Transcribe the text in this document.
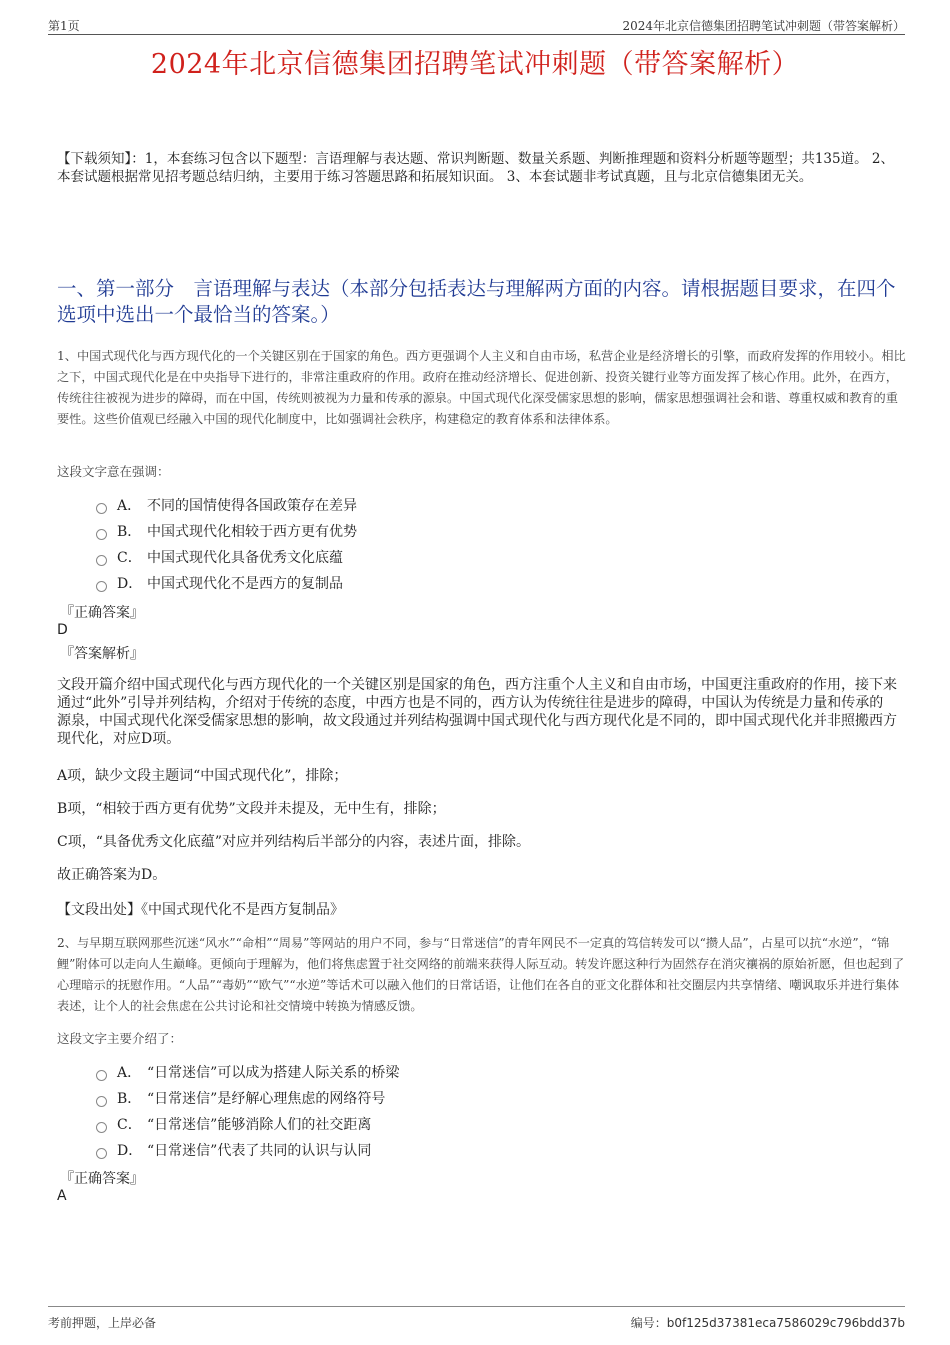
第1页	2024年北京信德集团招聘笔试冲刺题（带答案解析）
2024年北京信德集团招聘笔试冲刺题（带答案解析）
【下载须知】：1，本套练习包含以下题型：言语理解与表达题、常识判断题、数量关系题、判断推理题和资料分析题等题型；共135道。 2、本套试题根据常见招考题总结归纳，主要用于练习答题思路和拓展知识面。 3、本套试题非考试真题，且与北京信德集团无关。
一、第一部分　言语理解与表达（本部分包括表达与理解两方面的内容。请根据题目要求，在四个选项中选出一个最恰当的答案。）
1、中国式现代化与西方现代化的一个关键区别在于国家的角色。西方更强调个人主义和自由市场，私营企业是经济增长的引擎，而政府发挥的作用较小。相比之下，中国式现代化是在中央指导下进行的，非常注重政府的作用。政府在推动经济增长、促进创新、投资关键行业等方面发挥了核心作用。此外，在西方，传统往往被视为进步的障碍，而在中国，传统则被视为力量和传承的源泉。中国式现代化深受儒家思想的影响，儒家思想强调社会和谐、尊重权威和教育的重要性。这些价值观已经融入中国的现代化制度中，比如强调社会秩序，构建稳定的教育体系和法律体系。
这段文字意在强调：
A． 不同的国情使得各国政策存在差异
B． 中国式现代化相较于西方更有优势
C． 中国式现代化具备优秀文化底蕴
D． 中国式现代化不是西方的复制品
『正确答案』
D
『答案解析』
文段开篇介绍中国式现代化与西方现代化的一个关键区别是国家的角色，西方注重个人主义和自由市场，中国更注重政府的作用，接下来通过“此外”引导并列结构，介绍对于传统的态度，中西方也是不同的，西方认为传统往往是进步的障碍，中国认为传统是力量和传承的源泉，中国式现代化深受儒家思想的影响，故文段通过并列结构强调中国式现代化与西方现代化是不同的，即中国式现代化并非照搬西方现代化，对应D项。
A项，缺少文段主题词“中国式现代化”，排除；
B项，“相较于西方更有优势”文段并未提及，无中生有，排除；
C项，“具备优秀文化底蕴”对应并列结构后半部分的内容，表述片面，排除。
故正确答案为D。
【文段出处】《中国式现代化不是西方复制品》
2、与早期互联网那些沉迷“风水”“命相”“周易”等网站的用户不同，参与“日常迷信”的青年网民不一定真的笃信转发可以“攒人品”，占星可以抗“水逆”，“锦鲤”附体可以走向人生巅峰。更倾向于理解为，他们将焦虑置于社交网络的前端来获得人际互动。转发许愿这种行为固然存在消灾禳祸的原始祈愿，但也起到了心理暗示的抚慰作用。“人品”“毒奶”“欧气”“水逆”等话术可以融入他们的日常话语，让他们在各自的亚文化群体和社交圈层内共享情绪、嘲讽取乐并进行集体表述，让个人的社会焦虑在公共讨论和社交情境中转换为情感反馈。
这段文字主要介绍了：
A． “日常迷信”可以成为搭建人际关系的桥梁
B． “日常迷信”是纾解心理焦虑的网络符号
C． “日常迷信”能够消除人们的社交距离
D． “日常迷信”代表了共同的认识与认同
『正确答案』
A
考前押题，上岸必备	编号：b0f125d37381eca7586029c796bdd37b
